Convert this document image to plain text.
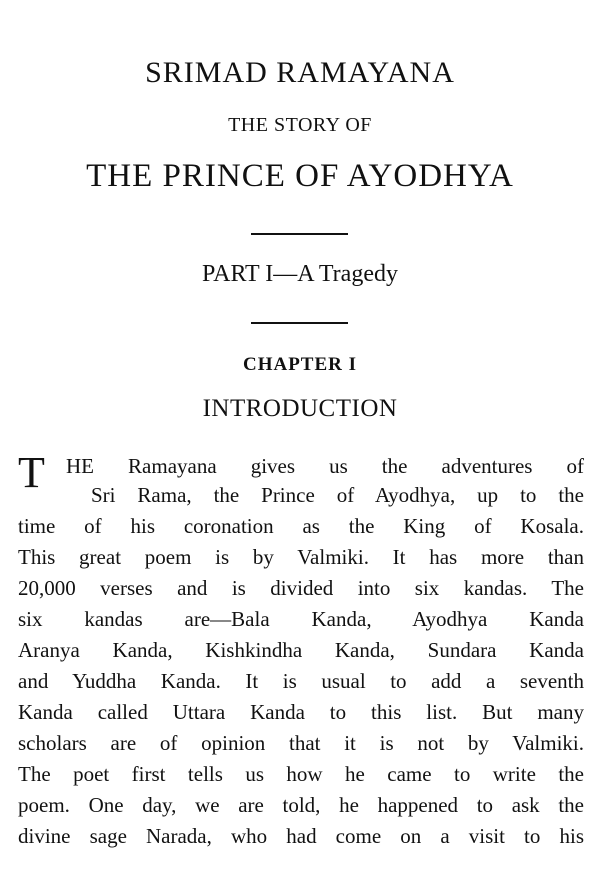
SRIMAD RAMAYANA
THE STORY OF
THE PRINCE OF AYODHYA
PART I—A Tragedy
CHAPTER I
INTRODUCTION
T	HE Ramayana gives us the adventures of
Sri Rama, the Prince of Ayodhya, up to the
time of his coronation as the King of Kosala.
This great poem is by Valmiki. It has more than
20,000 verses and is divided into six kandas. The
six kandas are—Bala Kanda, Ayodhya Kanda
Aranya Kanda, Kishkindha Kanda, Sundara Kanda
and Yuddha Kanda. It is usual to add a seventh
Kanda called Uttara Kanda to this list. But many
scholars are of opinion that it is not by Valmiki.
The poet first tells us how he came to write the
poem. One day, we are told, he happened to ask the
divine sage Narada, who had come on a visit to his
